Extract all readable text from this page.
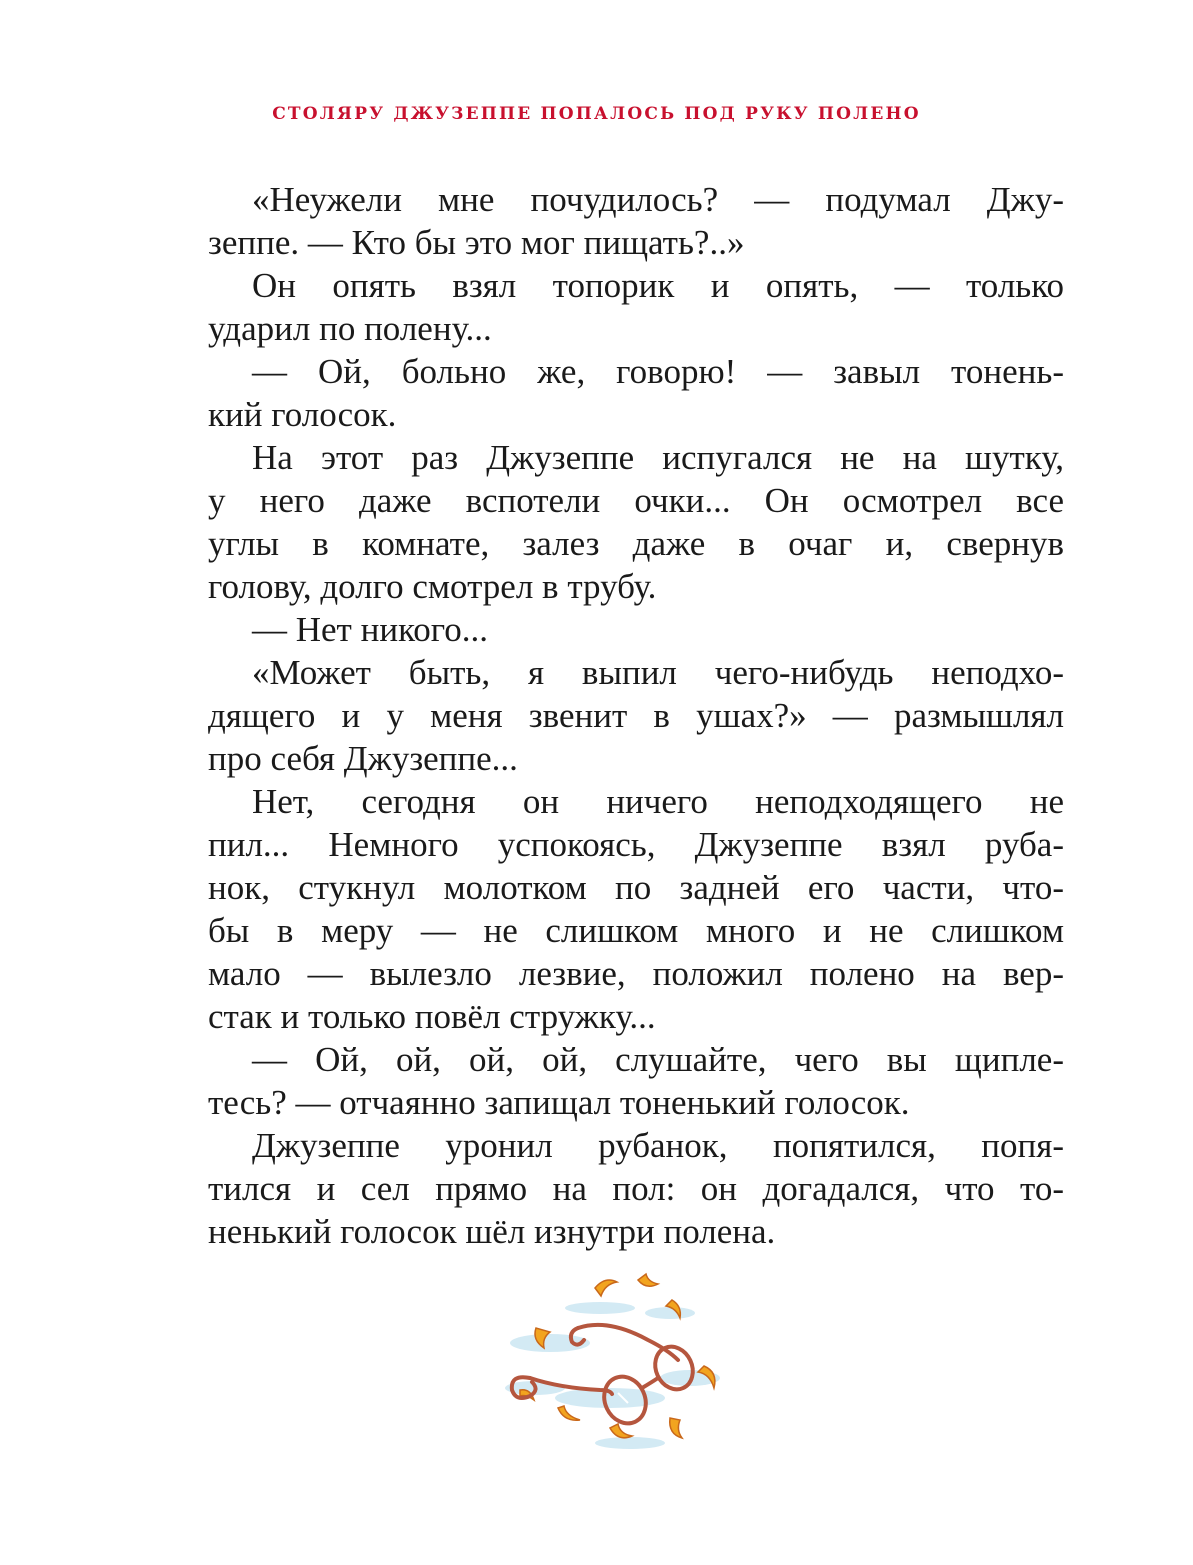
СТОЛЯРУ ДЖУЗЕППЕ ПОПАЛОСЬ ПОД РУКУ ПОЛЕНО
«Неужели мне почудилось? — подумал Джу-
зеппе. — Кто бы это мог пищать?..»
Он опять взял топорик и опять, — только
ударил по полену...
— Ой, больно же, говорю! — завыл тонень-
кий голосок.
На этот раз Джузеппе испугался не на шутку,
у него даже вспотели очки... Он осмотрел все
углы в комнате, залез даже в очаг и, свернув
голову, долго смотрел в трубу.
— Нет никого...
«Может быть, я выпил чего-нибудь неподхо-
дящего и у меня звенит в ушах?» — размышлял
про себя Джузеппе...
Нет, сегодня он ничего неподходящего не
пил... Немного успокоясь, Джузеппе взял руба-
нок, стукнул молотком по задней его части, что-
бы в меру — не слишком много и не слишком
мало — вылезло лезвие, положил полено на вер-
стак и только повёл стружку...
— Ой, ой, ой, ой, слушайте, чего вы щипле-
тесь? — отчаянно запищал тоненький голосок.
Джузеппе уронил рубанок, попятился, попя-
тился и сел прямо на пол: он догадался, что то-
ненький голосок шёл изнутри полена.
